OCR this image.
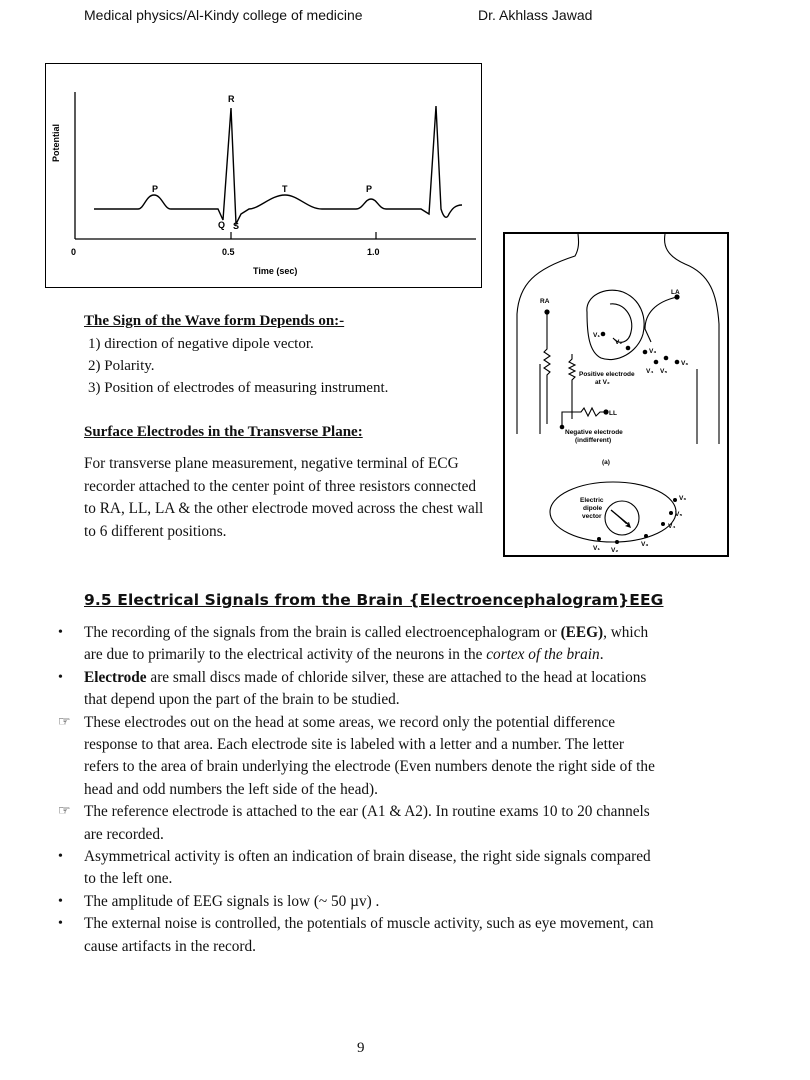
Medical physics/Al-Kindy college of medicine	Dr. Akhlass Jawad
P
R
Q S
T	P
0	0.5	1.0
Time (sec)
Potential
RA
LA
LL
V₁
V₂
V₃
V₄ V₅
V₆
Positive electrode
at V₂
Negative electrode
(indifferent)
(a)
Electric
dipole
vector
V₁ V₂
V₃
V₄
V₅
V₆
The Sign of the Wave form Depends on:-
1) direction of negative dipole vector.
2) Polarity.
3) Position of electrodes of measuring instrument.
Surface Electrodes in the Transverse Plane:
For transverse plane measurement, negative terminal of ECG recorder attached to the center point of three resistors connected to RA, LL, LA & the other electrode moved across the chest wall to 6 different positions.
9.5 Electrical Signals from the Brain {Electroencephalogram}EEG
•	The recording of the signals from the brain is called electroencephalogram or (EEG), which are due to primarily to the electrical activity of the neurons in the cortex of the brain.
•	Electrode are small discs made of chloride silver, these are attached to the head at locations that depend upon the part of the brain to be studied.
☞ These electrodes out on the head at some areas, we record only the potential difference response to that area. Each electrode site is labeled with a letter and a number. The letter refers to the area of brain underlying the electrode (Even numbers denote the right side of the head and odd numbers the left side of the head).
☞ The reference electrode is attached to the ear (A1 & A2). In routine exams 10 to 20 channels are recorded.
•	Asymmetrical activity is often an indication of brain disease, the right side signals compared to the left one.
•	The amplitude of EEG signals is low (~ 50 µv) .
•	The external noise is controlled, the potentials of muscle activity, such as eye movement, can cause artifacts in the record.
9
